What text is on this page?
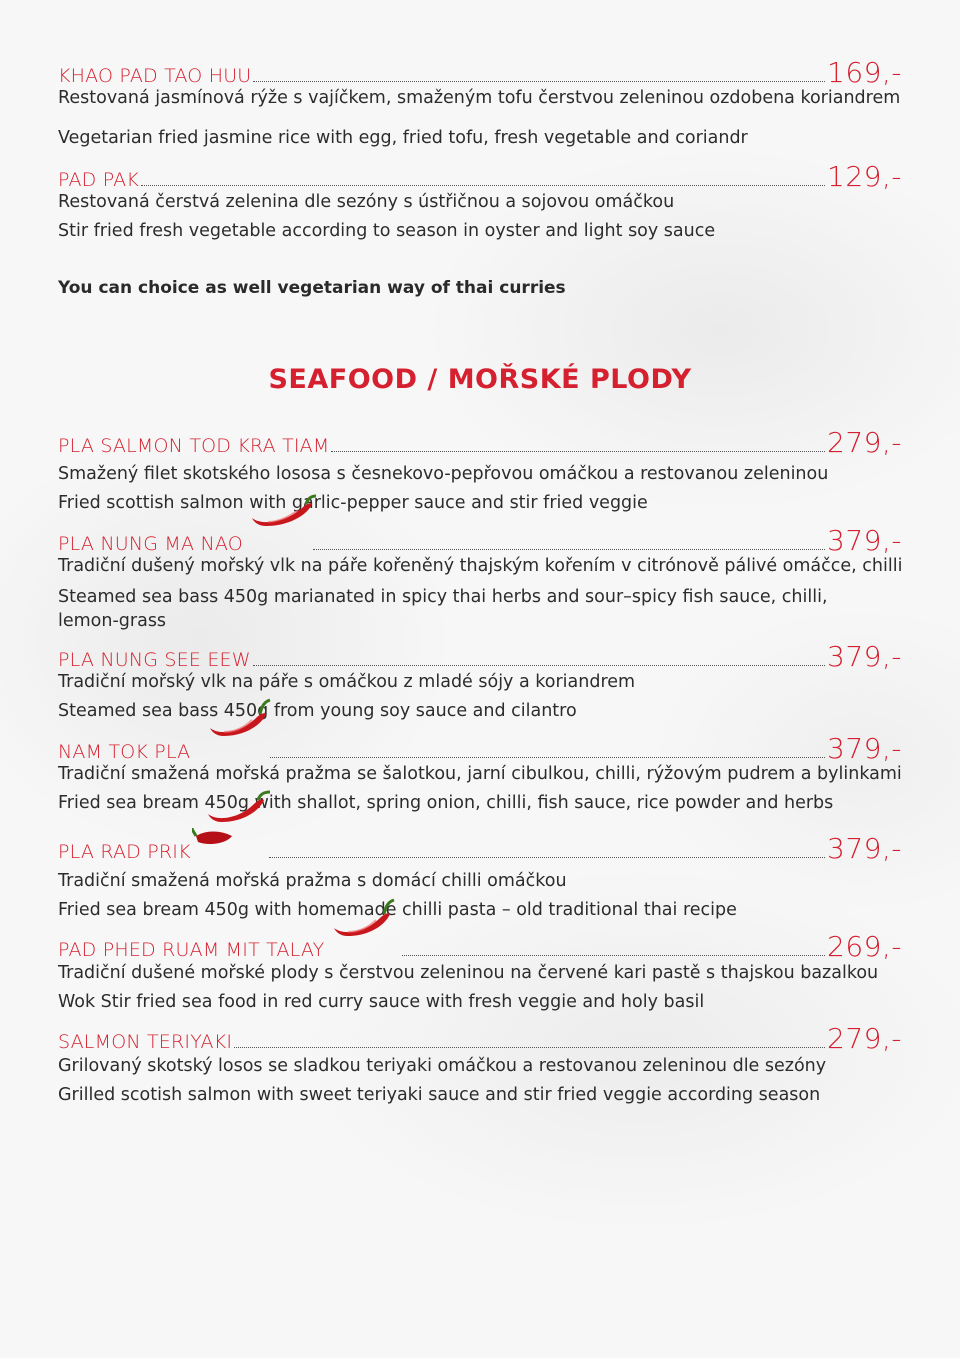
KHAO PAD TAO HUU	169,-
Restovaná jasmínová rýže s vajíčkem, smaženým tofu čerstvou zeleninou ozdobena koriandrem
Vegetarian fried jasmine rice with egg, fried tofu, fresh vegetable and coriandr
PAD PAK	129,-
Restovaná čerstvá zelenina dle sezóny s ústřičnou a sojovou omáčkou
Stir fried fresh vegetable according to season in oyster and light soy sauce
You can choice as well vegetarian way of thai curries
SEAFOOD / MOŘSKÉ PLODY
PLA SALMON TOD KRA TIAM	279,-
Smažený filet skotského lososa s česnekovo-pepřovou omáčkou a restovanou zeleninou
Fried scottish salmon with garlic-pepper sauce and stir fried veggie
PLA NUNG MA NAO	379,-
Tradiční dušený mořský vlk na páře kořeněný thajským kořením v citrónově pálivé omáčce, chilli
Steamed sea bass 450g marianated in spicy thai herbs and sour–spicy fish sauce, chilli, lemon-grass
PLA NUNG SEE EEW	379,-
Tradiční mořský vlk na páře s omáčkou z mladé sójy a koriandrem
Steamed sea bass 450g from young soy sauce and cilantro
NAM TOK PLA	379,-
Tradiční smažená mořská pražma se šalotkou, jarní cibulkou, chilli, rýžovým pudrem a bylinkami
Fried sea bream 450g with shallot, spring onion, chilli, fish sauce, rice powder and herbs
PLA RAD PRIK	379,-
Tradiční smažená mořská pražma s domácí chilli omáčkou
Fried sea bream 450g with homemade chilli pasta – old traditional thai recipe
PAD PHED RUAM MIT TALAY	269,-
Tradiční dušené mořské plody s čerstvou zeleninou na červené kari pastě s thajskou bazalkou
Wok Stir fried sea food in red curry sauce with fresh veggie and holy basil
SALMON TERIYAKI	279,-
Grilovaný skotský losos se sladkou teriyaki omáčkou a restovanou zeleninou dle sezóny
Grilled scotish salmon with sweet teriyaki sauce and stir fried veggie according season
